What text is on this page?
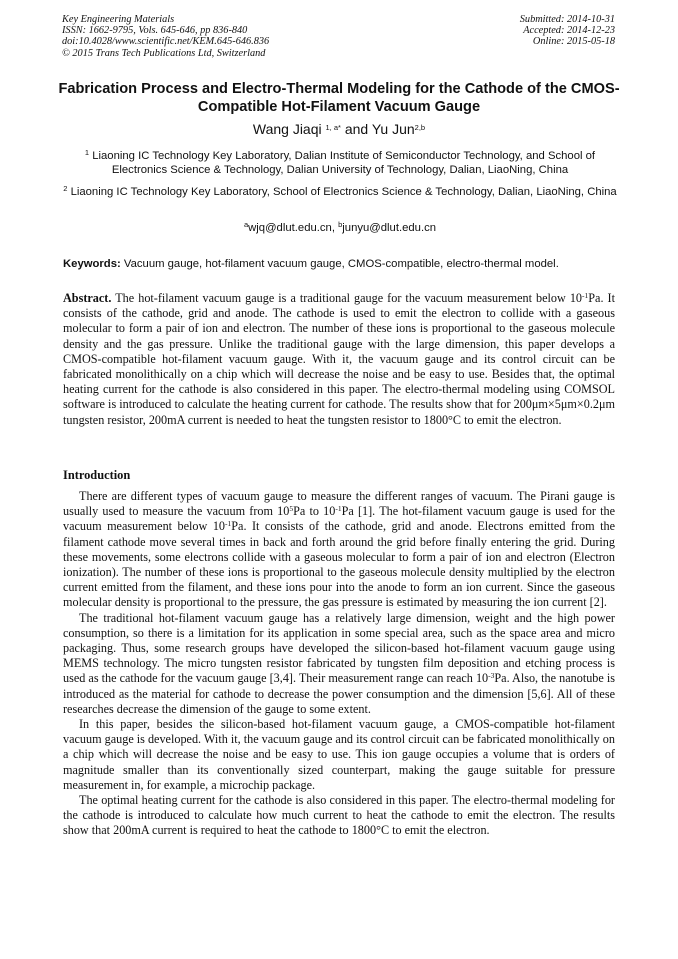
Key Engineering Materials
ISSN: 1662-9795, Vols. 645-646, pp 836-840
doi:10.4028/www.scientific.net/KEM.645-646.836
© 2015 Trans Tech Publications Ltd, Switzerland
Submitted: 2014-10-31
Accepted: 2014-12-23
Online: 2015-05-18
Fabrication Process and Electro-Thermal Modeling for the Cathode of the CMOS-Compatible Hot-Filament Vacuum Gauge
Wang Jiaqi $^{1, a*}$ and Yu Jun$^{2,b}$
$^1$ Liaoning IC Technology Key Laboratory, Dalian Institute of Semiconductor Technology, and School of Electronics Science & Technology, Dalian University of Technology, Dalian, LiaoNing, China
$^2$ Liaoning IC Technology Key Laboratory, School of Electronics Science & Technology, Dalian, LiaoNing, China
$^a$wjq@dlut.edu.cn, $^b$junyu@dlut.edu.cn
Keywords: Vacuum gauge, hot-filament vacuum gauge, CMOS-compatible, electro-thermal model.
Abstract. The hot-filament vacuum gauge is a traditional gauge for the vacuum measurement below $10^{-1}Pa$. It consists of the cathode, grid and anode. The cathode is used to emit the electron to collide with a gaseous molecular to form a pair of ion and electron. The number of these ions is proportional to the gaseous molecule density and the gas pressure. Unlike the traditional gauge with the large dimension, this paper develops a CMOS-compatible hot-filament vacuum gauge. With it, the vacuum gauge and its control circuit can be fabricated monolithically on a chip which will decrease the noise and be easy to use. Besides that, the optimal heating current for the cathode is also considered in this paper. The electro-thermal modeling using COMSOL software is introduced to calculate the heating current for cathode. The results show that for 200μm×5μm×0.2μm tungsten resistor, 200mA current is needed to heat the tungsten resistor to 1800°C to emit the electron.
Introduction

There are different types of vacuum gauge to measure the different ranges of vacuum. The Pirani gauge is usually used to measure the vacuum from $10^5Pa$ to $10^{-1}Pa$ [1]. The hot-filament vacuum gauge is used for the vacuum measurement below $10^{-1}Pa$. It consists of the cathode, grid and anode. Electrons emitted from the filament cathode move several times in back and forth around the grid before finally entering the grid. During these movements, some electrons collide with a gaseous molecular to form a pair of ion and electron (Electron ionization). The number of these ions is proportional to the gaseous molecule density multiplied by the electron current emitted from the filament, and these ions pour into the anode to form an ion current. Since the gaseous molecular density is proportional to the pressure, the gas pressure is estimated by measuring the ion current [2].

The traditional hot-filament vacuum gauge has a relatively large dimension, weight and the high power consumption, so there is a limitation for its application in some special area, such as the space area and micro packaging. Thus, some research groups have developed the silicon-based hot-filament vacuum gauge using MEMS technology. The micro tungsten resistor fabricated by tungsten film deposition and etching process is used as the cathode for the vacuum gauge [3,4]. Their measurement range can reach $10^{-3}Pa$. Also, the nanotube is introduced as the material for cathode to decrease the power consumption and the dimension [5,6]. All of these researches decrease the dimension of the gauge to some extent.

In this paper, besides the silicon-based hot-filament vacuum gauge, a CMOS-compatible hot-filament vacuum gauge is developed. With it, the vacuum gauge and its control circuit can be fabricated monolithically on a chip which will decrease the noise and be easy to use. This ion gauge occupies a volume that is orders of magnitude smaller than its conventionally sized counterpart, making the gauge suitable for pressure measurement in, for example, a microchip package.

The optimal heating current for the cathode is also considered in this paper. The electro-thermal modeling for the cathode is introduced to calculate how much current to heat the cathode to emit the electron. The results show that 200mA current is required to heat the cathode to 1800°C to emit the electron.
